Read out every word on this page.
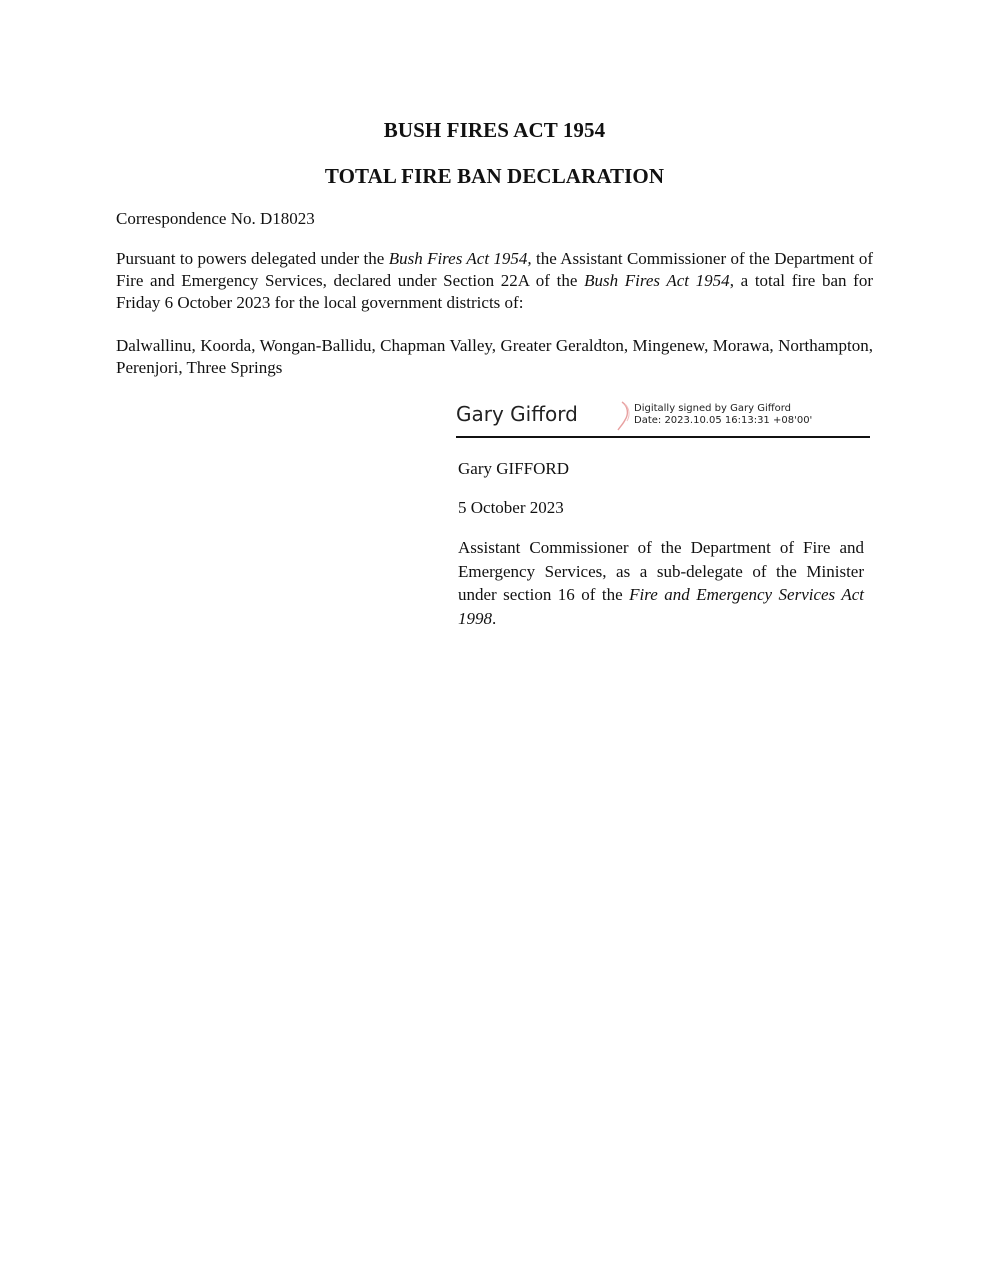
BUSH FIRES ACT 1954
TOTAL FIRE BAN DECLARATION
Correspondence No. D18023
Pursuant to powers delegated under the Bush Fires Act 1954, the Assistant Commissioner of the Department of Fire and Emergency Services, declared under Section 22A of the Bush Fires Act 1954, a total fire ban for Friday 6 October 2023 for the local government districts of:
Dalwallinu, Koorda, Wongan-Ballidu, Chapman Valley, Greater Geraldton, Mingenew, Morawa, Northampton, Perenjori, Three Springs
Gary Gifford	Digitally signed by Gary Gifford
Date: 2023.10.05 16:13:31 +08'00'
Gary GIFFORD
5 October 2023
Assistant Commissioner of the Department of Fire and Emergency Services, as a sub-delegate of the Minister under section 16 of the Fire and Emergency Services Act 1998.
